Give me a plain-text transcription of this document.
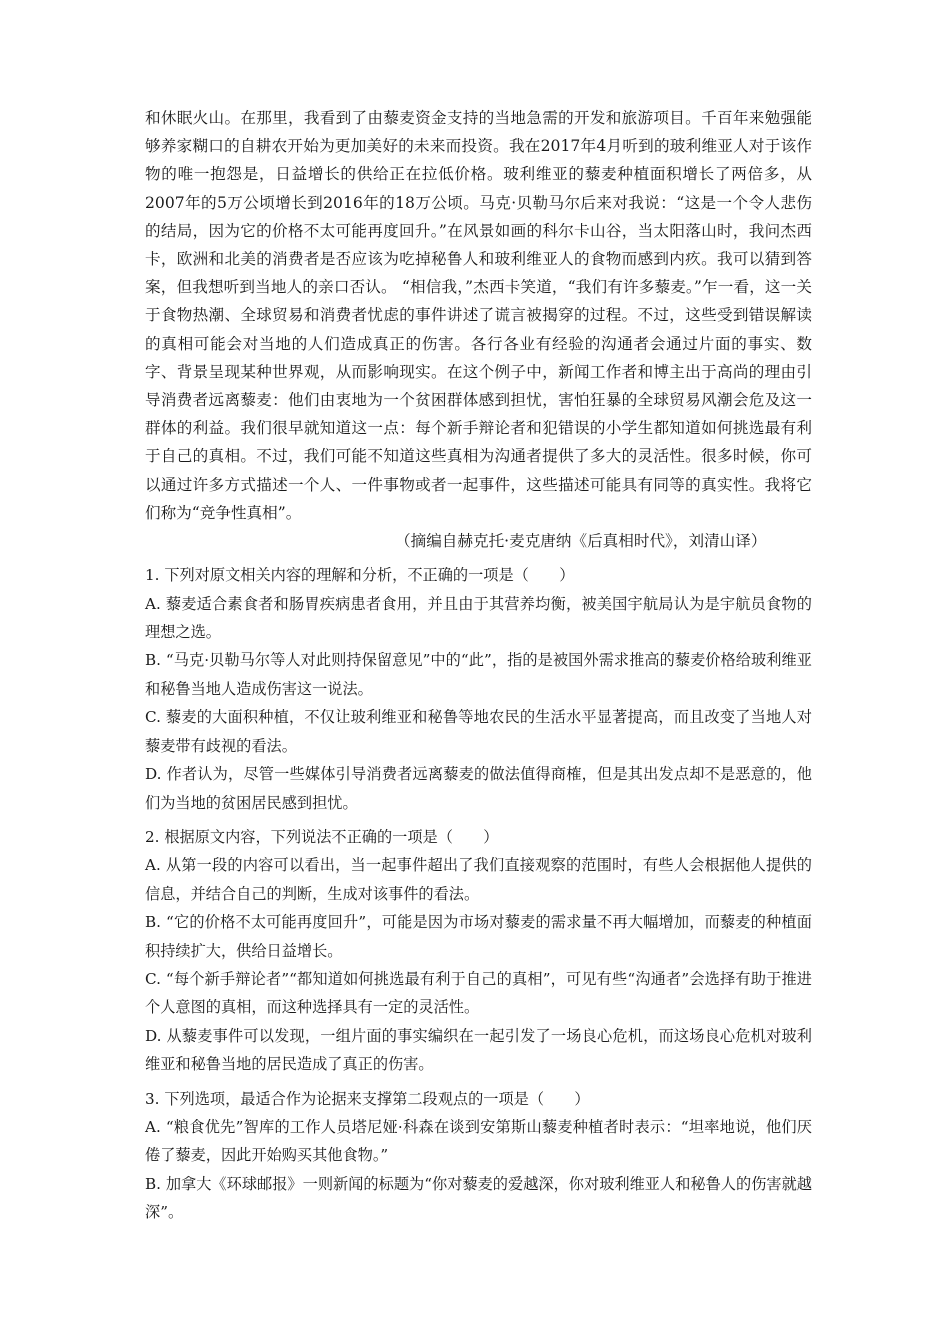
和休眠火山。在那里，我看到了由藜麦资金支持的当地急需的开发和旅游项目。千百年来勉强能够养家糊口的自耕农开始为更加美好的未来而投资。我在2017年4月听到的玻利维亚人对于该作物的唯一抱怨是，日益增长的供给正在拉低价格。玻利维亚的藜麦种植面积增长了两倍多，从2007年的5万公顷增长到2016年的18万公顷。马克·贝勒马尔后来对我说：“这是一个令人悲伤的结局，因为它的价格不太可能再度回升。”在风景如画的科尔卡山谷，当太阳落山时，我问杰西卡，欧洲和北美的消费者是否应该为吃掉秘鲁人和玻利维亚人的食物而感到内疚。我可以猜到答案，但我想听到当地人的亲口否认。 “相信我，”杰西卡笑道，“我们有许多藜麦。”乍一看，这一关于食物热潮、全球贸易和消费者忧虑的事件讲述了谎言被揭穿的过程。不过，这些受到错误解读的真相可能会对当地的人们造成真正的伤害。各行各业有经验的沟通者会通过片面的事实、数字、背景呈现某种世界观，从而影响现实。在这个例子中，新闻工作者和博主出于高尚的理由引导消费者远离藜麦：他们由衷地为一个贫困群体感到担忧，害怕狂暴的全球贸易风潮会危及这一群体的利益。我们很早就知道这一点：每个新手辩论者和犯错误的小学生都知道如何挑选最有利于自己的真相。不过，我们可能不知道这些真相为沟通者提供了多大的灵活性。很多时候，你可以通过许多方式描述一个人、一件事物或者一起事件，这些描述可能具有同等的真实性。我将它们称为“竞争性真相”。

（摘编自赫克托·麦克唐纳《后真相时代》，刘清山译）

1. 下列对原文相关内容的理解和分析，不正确的一项是（　　）

A. 藜麦适合素食者和肠胃疾病患者食用，并且由于其营养均衡，被美国宇航局认为是宇航员食物的理想之选。

B. “马克·贝勒马尔等人对此则持保留意见”中的“此”，指的是被国外需求推高的藜麦价格给玻利维亚和秘鲁当地人造成伤害这一说法。

C. 藜麦的大面积种植，不仅让玻利维亚和秘鲁等地农民的生活水平显著提高，而且改变了当地人对藜麦带有歧视的看法。

D. 作者认为，尽管一些媒体引导消费者远离藜麦的做法值得商榷，但是其出发点却不是恶意的，他们为当地的贫困居民感到担忧。

2. 根据原文内容，下列说法不正确的一项是（　　）

A. 从第一段的内容可以看出，当一起事件超出了我们直接观察的范围时，有些人会根据他人提供的信息，并结合自己的判断，生成对该事件的看法。

B. “它的价格不太可能再度回升”，可能是因为市场对藜麦的需求量不再大幅增加，而藜麦的种植面积持续扩大，供给日益增长。

C. “每个新手辩论者”“都知道如何挑选最有利于自己的真相”，可见有些“沟通者”会选择有助于推进个人意图的真相，而这种选择具有一定的灵活性。

D. 从藜麦事件可以发现，一组片面的事实编织在一起引发了一场良心危机，而这场良心危机对玻利维亚和秘鲁当地的居民造成了真正的伤害。

3. 下列选项，最适合作为论据来支撑第二段观点的一项是（　　）

A. “粮食优先”智库的工作人员塔尼娅·科森在谈到安第斯山藜麦种植者时表示：“坦率地说，他们厌倦了藜麦，因此开始购买其他食物。”

B. 加拿大《环球邮报》一则新闻的标题为“你对藜麦的爱越深，你对玻利维亚人和秘鲁人的伤害就越深”。
